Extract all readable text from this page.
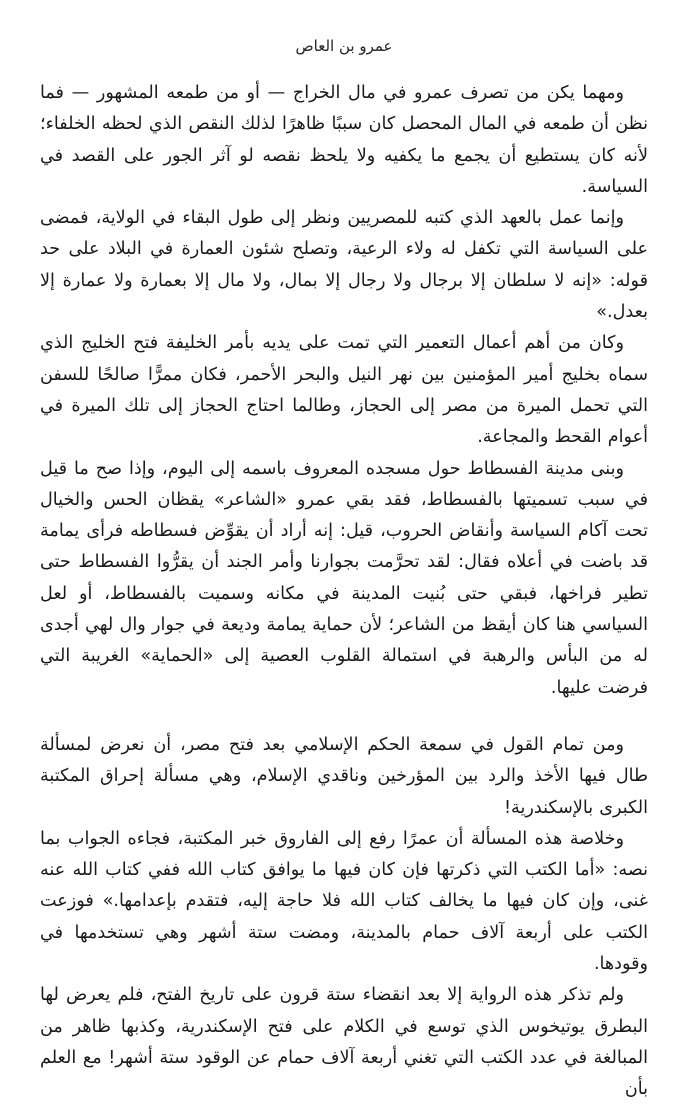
عمرو بن العاص

ومهما يكن من تصرف عمرو في مال الخراج — أو من طمعه المشهور — فما نظن أن طمعه في المال المحصل كان سببًا ظاهرًا لذلك النقص الذي لحظه الخلفاء؛ لأنه كان يستطيع أن يجمع ما يكفيه ولا يلحظ نقصه لو آثر الجور على القصد في السياسة.

وإنما عمل بالعهد الذي كتبه للمصريين ونظر إلى طول البقاء في الولاية، فمضى على السياسة التي تكفل له ولاء الرعية، وتصلح شئون العمارة في البلاد على حد قوله: «إنه لا سلطان إلا برجال ولا رجال إلا بمال، ولا مال إلا بعمارة ولا عمارة إلا بعدل.»

وكان من أهم أعمال التعمير التي تمت على يديه بأمر الخليفة فتح الخليج الذي سماه بخليج أمير المؤمنين بين نهر النيل والبحر الأحمر، فكان ممرًّا صالحًا للسفن التي تحمل الميرة من مصر إلى الحجاز، وطالما احتاج الحجاز إلى تلك الميرة في أعوام القحط والمجاعة.

وبنى مدينة الفسطاط حول مسجده المعروف باسمه إلى اليوم، وإذا صح ما قيل في سبب تسميتها بالفسطاط، فقد بقي عمرو «الشاعر» يقظان الحس والخيال تحت آكام السياسة وأنقاض الحروب، قيل: إنه أراد أن يقوِّض فسطاطه فرأى يمامة قد باضت في أعلاه فقال: لقد تحرَّمت بجوارنا وأمر الجند أن يقرُّوا الفسطاط حتى تطير فراخها، فبقي حتى بُنيت المدينة في مكانه وسميت بالفسطاط، أو لعل السياسي هنا كان أيقظ من الشاعر؛ لأن حماية يمامة وديعة في جوار وال لهي أجدى له من البأس والرهبة في استمالة القلوب العصية إلى «الحماية» الغريبة التي فرضت عليها.

ومن تمام القول في سمعة الحكم الإسلامي بعد فتح مصر، أن نعرض لمسألة طال فيها الأخذ والرد بين المؤرخين وناقدي الإسلام، وهي مسألة إحراق المكتبة الكبرى بالإسكندرية!

وخلاصة هذه المسألة أن عمرًا رفع إلى الفاروق خبر المكتبة، فجاءه الجواب بما نصه: «أما الكتب التي ذكرتها فإن كان فيها ما يوافق كتاب الله ففي كتاب الله عنه غنى، وإن كان فيها ما يخالف كتاب الله فلا حاجة إليه، فتقدم بإعدامها.» فوزعت الكتب على أربعة آلاف حمام بالمدينة، ومضت ستة أشهر وهي تستخدمها في وقودها.

ولم تذكر هذه الرواية إلا بعد انقضاء ستة قرون على تاريخ الفتح، فلم يعرض لها البطرق يوتيخوس الذي توسع في الكلام على فتح الإسكندرية، وكذبها ظاهر من المبالغة في عدد الكتب التي تغني أربعة آلاف حمام عن الوقود ستة أشهر! مع العلم بأن
